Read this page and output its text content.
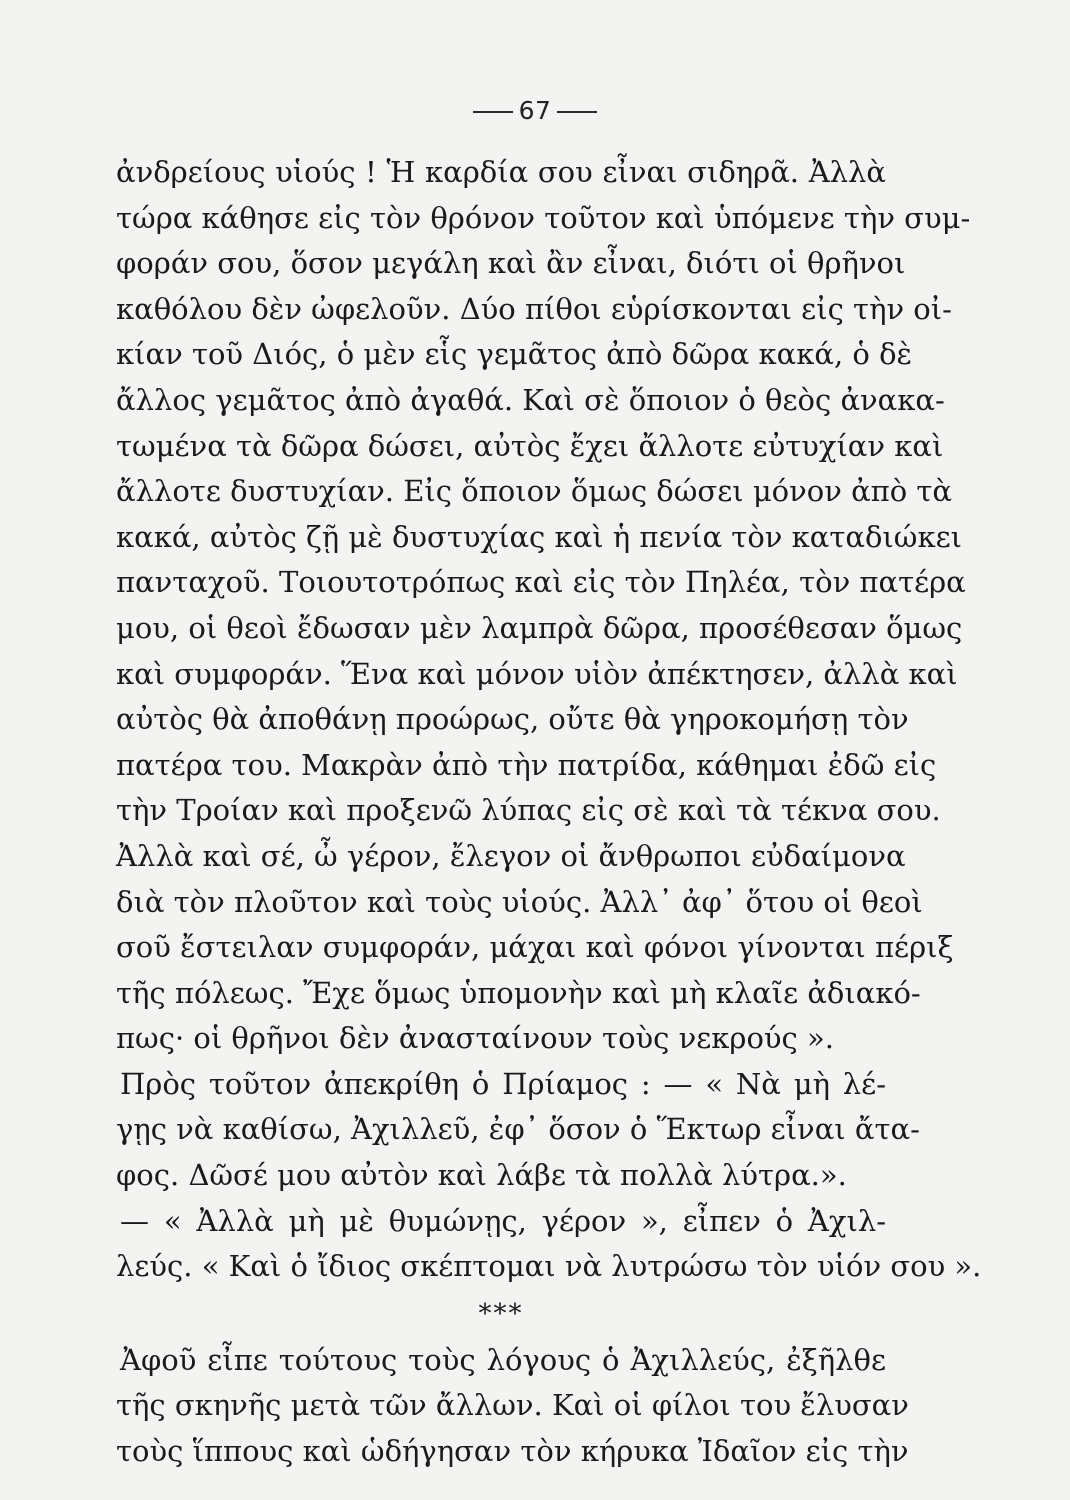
67
ἀνδρείους υἱούς ! Ἡ καρδία σου εἶναι σιδηρᾶ. Ἀλλὰ
τώρα κάθησε εἰς τὸν θρόνον τοῦτον καὶ ὑπόμενε τὴν συμ-
φοράν σου, ὅσον μεγάλη καὶ ἂν εἶναι, διότι οἱ θρῆνοι
καθόλου δὲν ὠφελοῦν. Δύο πίθοι εὑρίσκονται εἰς τὴν οἰ-
κίαν τοῦ Διός, ὁ μὲν εἷς γεμᾶτος ἀπὸ δῶρα κακά, ὁ δὲ
ἄλλος γεμᾶτος ἀπὸ ἀγαθά. Καὶ σὲ ὅποιον ὁ θεὸς ἀνακα-
τωμένα τὰ δῶρα δώσει, αὐτὸς ἔχει ἄλλοτε εὐτυχίαν καὶ
ἄλλοτε δυστυχίαν. Εἰς ὅποιον ὅμως δώσει μόνον ἀπὸ τὰ
κακά, αὐτὸς ζῇ μὲ δυστυχίας καὶ ἡ πενία τὸν καταδιώκει
πανταχοῦ. Τοιουτοτρόπως καὶ εἰς τὸν Πηλέα, τὸν πατέρα
μου, οἱ θεοὶ ἔδωσαν μὲν λαμπρὰ δῶρα, προσέθεσαν ὅμως
καὶ συμφοράν. Ἕνα καὶ μόνον υἱὸν ἀπέκτησεν, ἀλλὰ καὶ
αὐτὸς θὰ ἀποθάνῃ προώρως, οὔτε θὰ γηροκομήσῃ τὸν
πατέρα του. Μακρὰν ἀπὸ τὴν πατρίδα, κάθημαι ἐδῶ εἰς
τὴν Τροίαν καὶ προξενῶ λύπας εἰς σὲ καὶ τὰ τέκνα σου.
Ἀλλὰ καὶ σέ, ὦ γέρον, ἔλεγον οἱ ἄνθρωποι εὐδαίμονα
διὰ τὸν πλοῦτον καὶ τοὺς υἱούς. Ἀλλ᾽ ἀφ᾽ ὅτου οἱ θεοὶ
σοῦ ἔστειλαν συμφοράν, μάχαι καὶ φόνοι γίνονται πέριξ
τῆς πόλεως. Ἔχε ὅμως ὑπομονὴν καὶ μὴ κλαῖε ἀδιακό-
πως· οἱ θρῆνοι δὲν ἀνασταίνουν τοὺς νεκρούς ».
Πρὸς τοῦτον ἀπεκρίθη ὁ Πρίαμος : — « Νὰ μὴ λέ-
γῃς νὰ καθίσω, Ἀχιλλεῦ, ἐφ᾽ ὅσον ὁ Ἕκτωρ εἶναι ἄτα-
φος. Δῶσέ μου αὐτὸν καὶ λάβε τὰ πολλὰ λύτρα.».
— « Ἀλλὰ μὴ μὲ θυμώνῃς, γέρον », εἶπεν ὁ Ἀχιλ-
λεύς. « Καὶ ὁ ἴδιος σκέπτομαι νὰ λυτρώσω τὸν υἱόν σου ».
***
Ἀφοῦ εἶπε τούτους τοὺς λόγους ὁ Ἀχιλλεύς, ἐξῆλθε
τῆς σκηνῆς μετὰ τῶν ἄλλων. Καὶ οἱ φίλοι του ἔλυσαν
τοὺς ἵππους καὶ ὡδήγησαν τὸν κήρυκα Ἰδαῖον εἰς τὴν
